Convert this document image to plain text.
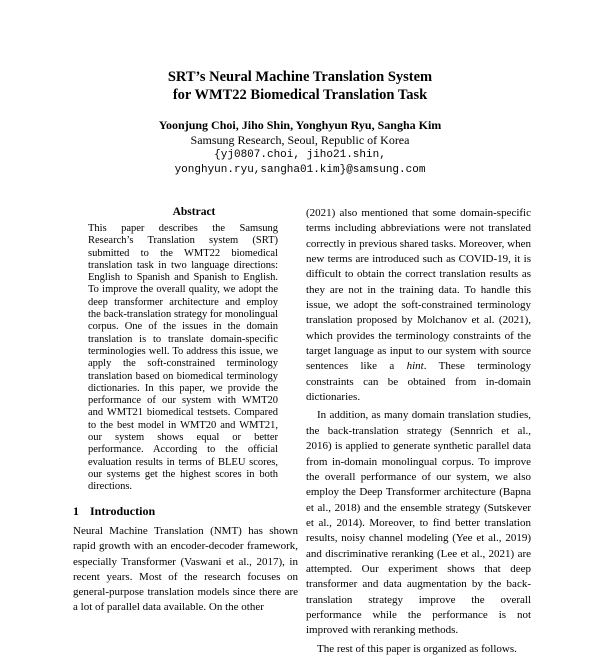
SRT’s Neural Machine Translation System
for WMT22 Biomedical Translation Task
Yoonjung Choi, Jiho Shin, Yonghyun Ryu, Sangha Kim
Samsung Research, Seoul, Republic of Korea
{yj0807.choi, jiho21.shin,
yonghyun.ryu,sangha01.kim}@samsung.com
Abstract
This paper describes the Samsung Research’s Translation system (SRT) submitted to the WMT22 biomedical translation task in two language directions: English to Spanish and Spanish to English. To improve the overall quality, we adopt the deep transformer architecture and employ the back-translation strategy for monolingual corpus. One of the issues in the domain translation is to translate domain-specific terminologies well. To address this issue, we apply the soft-constrained terminology translation based on biomedical terminology dictionaries. In this paper, we provide the performance of our system with WMT20 and WMT21 biomedical testsets. Compared to the best model in WMT20 and WMT21, our system shows equal or better performance. According to the official evaluation results in terms of BLEU scores, our systems get the highest scores in both directions.
1 Introduction

Neural Machine Translation (NMT) has shown rapid growth with an encoder-decoder framework, especially Transformer (Vaswani et al., 2017), in recent years. Most of the research focuses on general-purpose translation models since there are a lot of parallel data available. On the other

(2021) also mentioned that some domain-specific terms including abbreviations were not translated correctly in previous shared tasks. Moreover, when new terms are introduced such as COVID-19, it is difficult to obtain the correct translation results as they are not in the training data. To handle this issue, we adopt the soft-constrained terminology translation proposed by Molchanov et al. (2021), which provides the terminology constraints of the target language as input to our system with source sentences like a hint. These terminology constraints can be obtained from in-domain dictionaries.

In addition, as many domain translation studies, the back-translation strategy (Sennrich et al., 2016) is applied to generate synthetic parallel data from in-domain monolingual corpus. To improve the overall performance of our system, we also employ the Deep Transformer architecture (Bapna et al., 2018) and the ensemble strategy (Sutskever et al., 2014). Moreover, to find better translation results, noisy channel modeling (Yee et al., 2019) and discriminative reranking (Lee et al., 2021) are attempted. Our experiment shows that deep transformer and data augmentation by the back-translation strategy improve the overall performance while the performance is not improved with reranking methods.

The rest of this paper is organized as follows.
